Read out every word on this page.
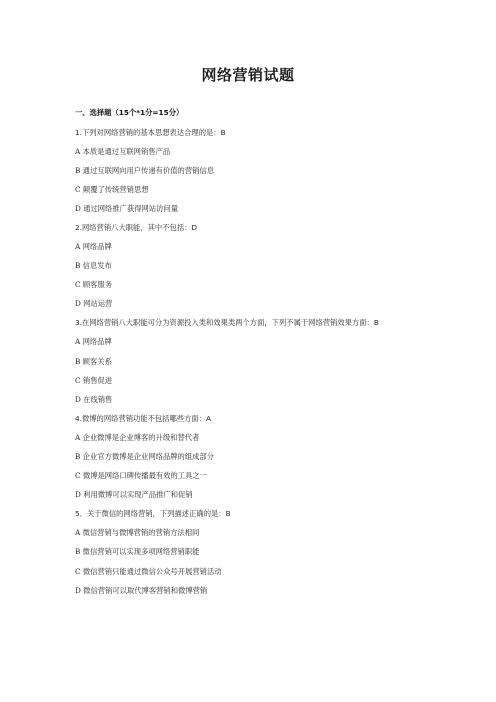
网络营销试题
一、选择题（15个*1分=15分）
1.下列对网络营销的基本思想表达合理的是：B
A 本质是通过互联网销售产品
B 通过互联网向用户传递有价值的营销信息
C 颠覆了传统营销思想
D 通过网络推广获得网站访问量
2.网络营销八大职能，其中不包括：D
A 网络品牌
B 信息发布
C 顾客服务
D 网站运营
3.在网络营销八大职能可分为资源投入类和效果类两个方面，下列不属于网络营销效果方面：B
A 网络品牌
B 顾客关系
C 销售促进
D 在线销售
4.微博的网络营销功能不包括哪些方面：A
A 企业微博是企业博客的升级和替代者
B 企业官方微博是企业网络品牌的组成部分
C 微博是网络口碑传播最有效的工具之一
D 利用微博可以实现产品推广和促销
5．关于微信的网络营销，下列描述正确的是：B
A 微信营销与微博营销的营销方法相同
B 微信营销可以实现多项网络营销职能
C 微信营销只能通过微信公众号开展营销活动
D 微信营销可以取代博客营销和微博营销
